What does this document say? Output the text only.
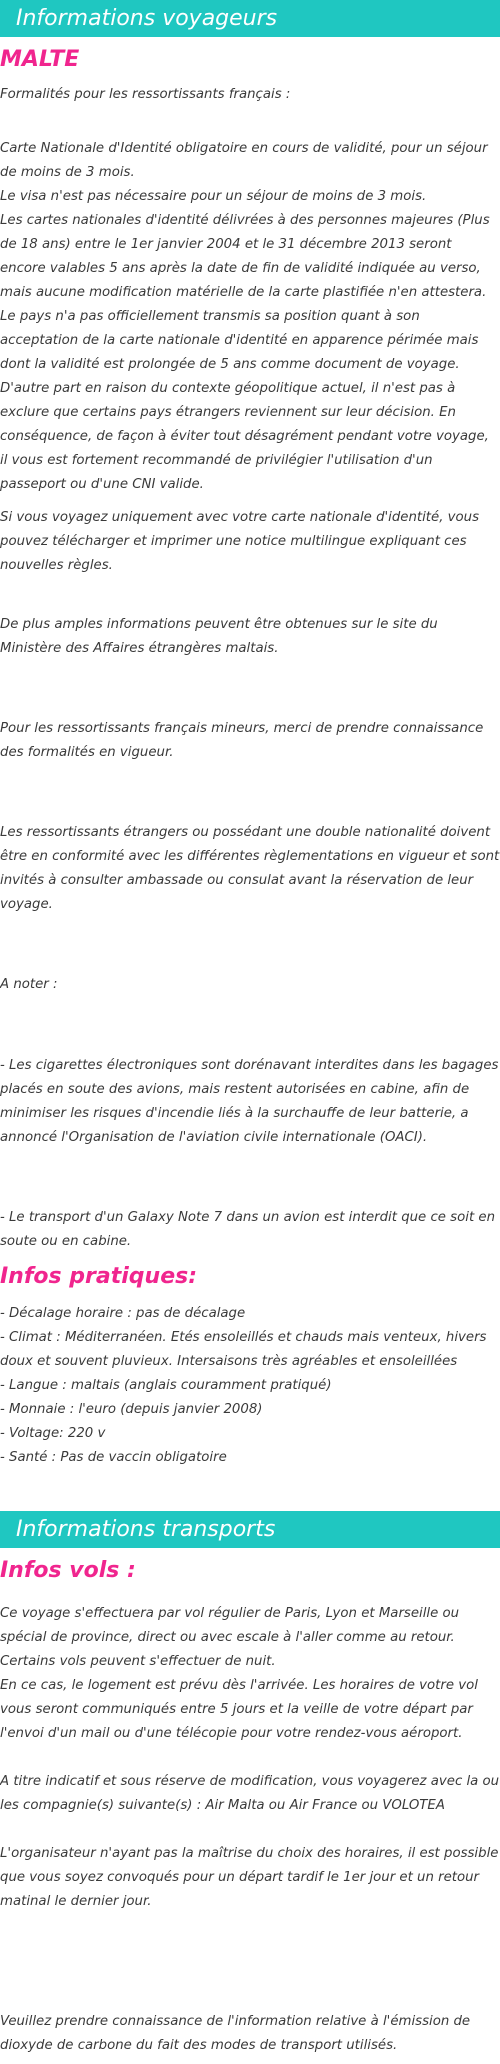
Informations voyageurs
MALTE

Formalités pour les ressortissants français :

Carte Nationale d'Identité obligatoire en cours de validité, pour un séjour de moins de 3 mois.

Le visa n'est pas nécessaire pour un séjour de moins de 3 mois.

Les cartes nationales d'identité délivrées à des personnes majeures (Plus de 18 ans) entre le 1er janvier 2004 et le 31 décembre 2013 seront encore valables 5 ans après la date de fin de validité indiquée au verso, mais aucune modification matérielle de la carte plastifiée n'en attestera.

Le pays n'a pas officiellement transmis sa position quant à son acceptation de la carte nationale d'identité en apparence périmée mais dont la validité est prolongée de 5 ans comme document de voyage. D'autre part en raison du contexte géopolitique actuel, il n'est pas à exclure que certains pays étrangers reviennent sur leur décision. En conséquence, de façon à éviter tout désagrément pendant votre voyage, il vous est fortement recommandé de privilégier l'utilisation d'un passeport ou d'une CNI valide.

Si vous voyagez uniquement avec votre carte nationale d'identité, vous pouvez télécharger et imprimer une notice multilingue expliquant ces nouvelles règles.

De plus amples informations peuvent être obtenues sur le site du Ministère des Affaires étrangères maltais.

Pour les ressortissants français mineurs, merci de prendre connaissance des formalités en vigueur.

Les ressortissants étrangers ou possédant une double nationalité doivent être en conformité avec les différentes règlementations en vigueur et sont invités à consulter ambassade ou consulat avant la réservation de leur voyage.

A noter :

- Les cigarettes électroniques sont dorénavant interdites dans les bagages placés en soute des avions, mais restent autorisées en cabine, afin de minimiser les risques d'incendie liés à la surchauffe de leur batterie, a annoncé l'Organisation de l'aviation civile internationale (OACI).

- Le transport d'un Galaxy Note 7 dans un avion est interdit que ce soit en soute ou en cabine.

Infos pratiques:

- Décalage horaire : pas de décalage

- Climat : Méditerranéen. Etés ensoleillés et chauds mais venteux, hivers doux et souvent pluvieux. Intersaisons très agréables et ensoleillées

- Langue : maltais (anglais couramment pratiqué)

- Monnaie : l'euro (depuis janvier 2008)

- Voltage: 220 v

- Santé : Pas de vaccin obligatoire

Informations transports
Infos vols :

Ce voyage s'effectuera par vol régulier de Paris, Lyon et Marseille ou spécial de province, direct ou avec escale à l'aller comme au retour. Certains vols peuvent s'effectuer de nuit.

En ce cas, le logement est prévu dès l'arrivée. Les horaires de votre vol vous seront communiqués entre 5 jours et la veille de votre départ par l'envoi d'un mail ou d'une télécopie pour votre rendez-vous aéroport.

A titre indicatif et sous réserve de modification, vous voyagerez avec la ou les compagnie(s) suivante(s) : Air Malta ou Air France ou VOLOTEA

L'organisateur n'ayant pas la maîtrise du choix des horaires, il est possible que vous soyez convoqués pour un départ tardif le 1er jour et un retour matinal le dernier jour.

Veuillez prendre connaissance de l'information relative à l'émission de dioxyde de carbone du fait des modes de transport utilisés.
